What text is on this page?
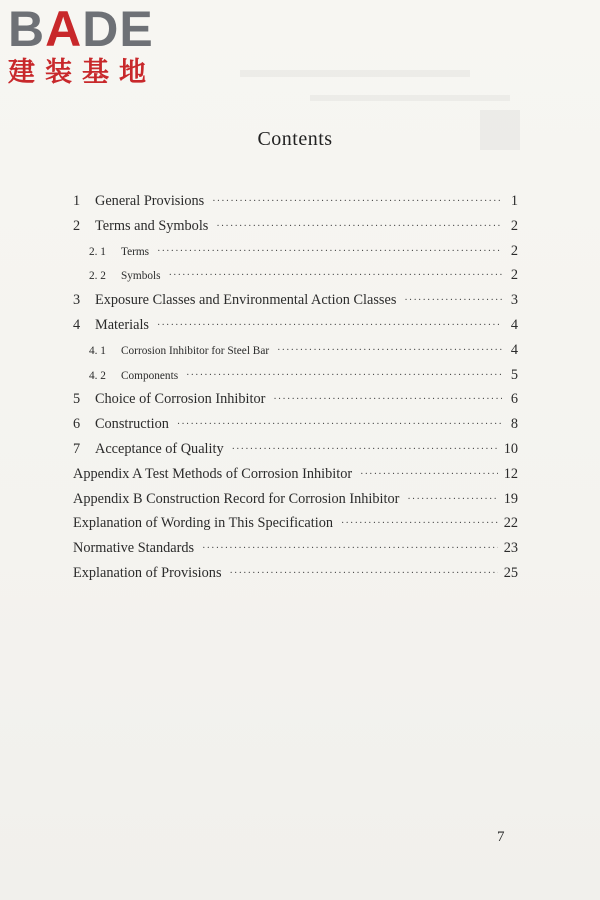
BADE
建装基地
Contents
1	General Provisions ·····	1
2	Terms and Symbols ·····	2
2. 1	Terms ·····	2
2. 2	Symbols ·····	2
3	Exposure Classes and Environmental Action Classes ·····	3
4	Materials ·····	4
4. 1	Corrosion Inhibitor for Steel Bar ·····	4
4. 2	Components ·····	5
5	Choice of Corrosion Inhibitor ·····	6
6	Construction ·····	8
7	Acceptance of Quality ·····	10
Appendix A Test Methods of Corrosion Inhibitor ·····	12
Appendix B Construction Record for Corrosion Inhibitor ·····	19
Explanation of Wording in This Specification ·····	22
Normative Standards ·····	23
Explanation of Provisions ·····	25
7
